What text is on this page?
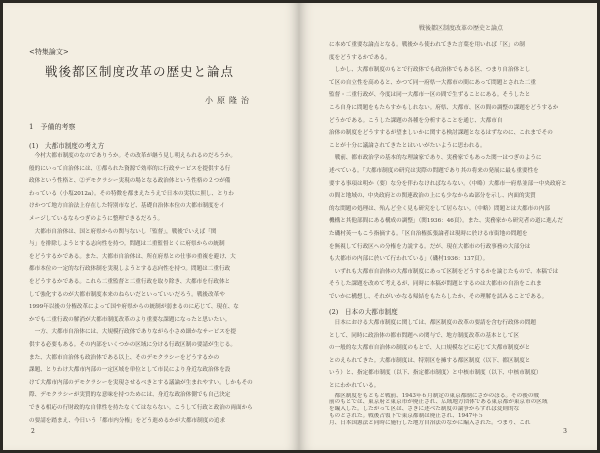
<特集論文>
戦後都区制度改革の歴史と論点
小原隆治
1　予備的考察
(1)　大都市制度の考え方
　今村大都市制度のなのでありうか。その改革が継う見し明えられるのだろうか。
般的にいって自治体には、①都られた資源で効率的に行政サービスを提供する行
政体という性格と、②デモクラシー実現の場となる政治体という性格の２つが備
わっている（小塩2012a）。その特徴を都まえたうえで日本の実状に照し、とりわ
けかつて地方自治法上存在した特別市など、基礎自治体本位の大都市制度をイ
メージしているならつぎのように整理できるだろう。
　大都市自治体は、国と府県からの関与ないし「監督」，戦後でいえば「関
与」を排除しようとする志向性を持つ。問題は二重監督とくに府県からの統制
をどうするかである。また、大都市自治体は、所在府県との仕事の重複を避け、大
都市本位の一定的な行政体制を実現しようとする志向性を持つ。問題は二重行政
をどうするかである。これら二重監督と二重行政を取り除き、大都市を行政体と
して強化するのが大都市制度本来のねらいだといっていいだろう。戦後改革や
1999年以後の分権改革によって国や府県からの統制が弱まるのに応じて、現在、な
かでも二重行政の解消が大都市制度改革のより重要な課題になったと思いたい。
　一方、大都市自治体には、大規模行政体でありながら小さめ細かなサービスを提
供する必要もある。その内部をいくつかの区域に分ける行政区制の要請が生じる。
また、大都市自治体も政治体である以上、そのデモクラシーをどうするかの
課題、とりわけ大都市内部の一定区域を単位として市民により身近な政治体を設
けて大都市内部のデモクラシーを実現させるべきとする議論が生まれやすい。しかもその
際、デモクラシーが実質的な意味を持つためには、身近な政治体側でも自己決定
できる相応の行財政的な自律性を持たなくてはならない。こうして行政と政治の両面から
の要請を踏まえ、今日いう「都市内分権」をどう進めるかが大都市制度の追求
2
戦後都区制度改革の歴史と論点
に本めて重要な論点となる。戦後から使われてきた言葉を用いれば「区」の制
度をどうするかである。
　しかし、大都市制度のもとで行政体でも政治体でもある区、つまり自治体とし
て区の自立性を高めると、かつて同一府県一大都市の間にあって問題とされた二重
監督・二重行政が、今度は同一大都市一区の間で生ずることにある。そうしたと
ころ自身に問題をもたらすかもしれない。府県、大都市、区の間の調整の課題をどうするか
どうかである。こうした課題の各種を分析することを通じ、大都市自
治体の制度をどうすするが望ましいかに関する検討課題となるはずなのに、これまでその
ことが十分に議論されてきたとはいいがたいように思われる。
　戦前、都市政治学の基本的な理論家であり、実務家でもあった関一はつぎのように
述べている。「大都市制度の研究は実際の問題であり其の将来の発展に最も重要性を
要する事項は明か（要）な分を伴わなければならない。（中略）大都市一府県並部一中央政府と
の間と地域の、中央政府との関連政治の上にも少なからぬ部分を示し、内面的実質
的な問題の処理は、殆んど全く見も研究をして居らない。（中略）問題とは大都市の内部
機構と其他部間にある構成の調整」（関1936：46頁）。また、実務家から研究者の道に進んだ
た磯村英一もこう指摘する。「区自治権拡張論者は現時に於ける市街地の問題を
を無視して行政区への分権を力説する。だが、現在大都市の行政事務の大部分は
も大都市の内部に於いて行われている」（磯村1936：137頁）。
　いずれも大都市自治体の大都市制度にあって区制をどうするかを論じたもので、本稿では
そうした課題を改めて考えるが、同時に本稿が問題とするのは大都市の自治をこれま
でいかに構想し、それがいかなる帰結をもたらしたか、その理解を試みることである。
(2)　日本の大都市制度
　日本における大都市制度に関しては、都区制度の改革の要請を含む行政体の問題
として、同時に政治体の都市問題への関与で、地方制度改革の基本として区
の一般的な大都市自治体の制度のもとで、人口規模などに応じて大都市制度がと
とのえられてきた。大都市制度は、特別区を擁する都区制度（以下、都区制度と
いう）と、指定都市制度（以下、指定都市制度）と中核市制度（以下、中核市制度）
とにわかれている。
　都区制度をもともと戦前、1943年６月制定の東京都制にさかのぼる。その後の戦
前のもとでは、東京府と東京市が廃止され、広域地方団体である東京都が東京市の区域
を編入した。したがって区は、さきに述べた制度の論争からすれば変則的な
ものとされた。戦後占領下で東京都制は廃止され、1947年５
月、日本国憲法と同時に施行した地方自治法のなかに編入された。つまり、これ
3
